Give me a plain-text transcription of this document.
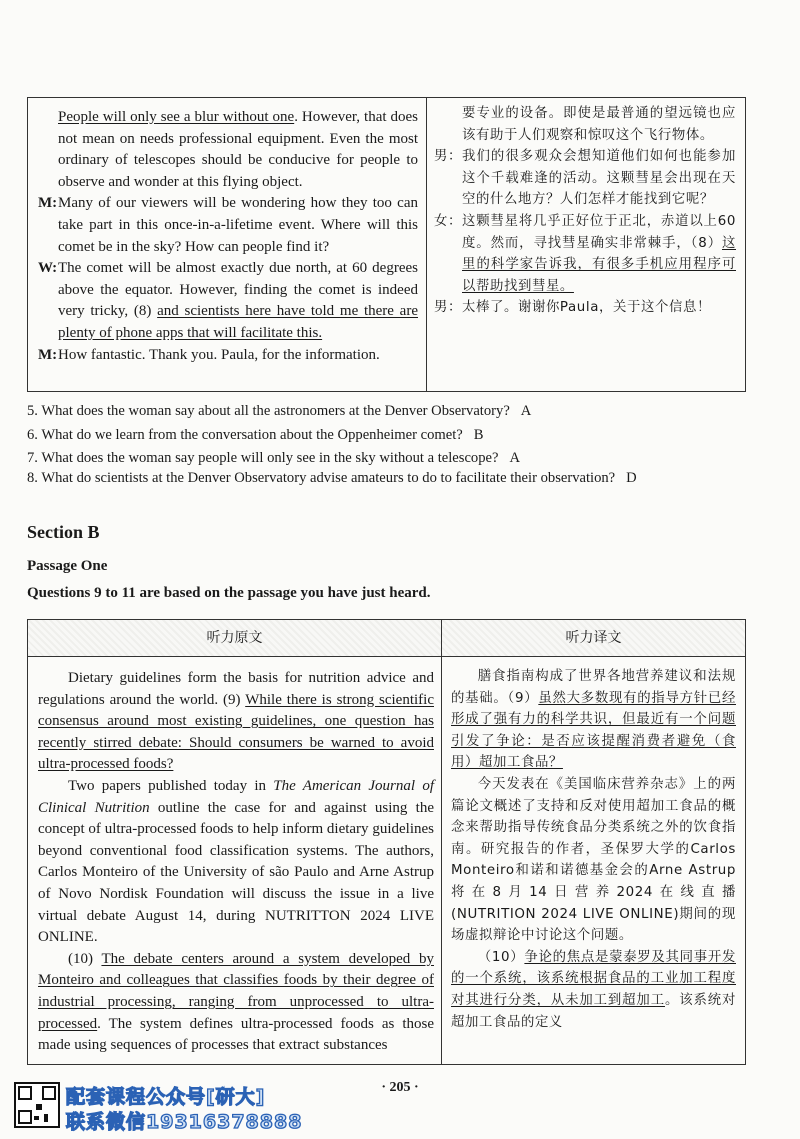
People will only see a blur without one. However, that does not mean on needs professional equipment. Even the most ordinary of telescopes should be conducive for people to observe and wonder at this flying object.
M: Many of our viewers will be wondering how they too can take part in this once-in-a-lifetime event. Where will this comet be in the sky? How can people find it?
W: The comet will be almost exactly due north, at 60 degrees above the equator. However, finding the comet is indeed very tricky, (8) and scientists here have told me there are plenty of phone apps that will facilitate this.
M: How fantastic. Thank you. Paula, for the information.
要专业的设备。即使是最普通的望远镜也应该有助于人们观察和惊叹这个飞行物体。
男： 我们的很多观众会想知道他们如何也能参加这个千载难逢的活动。这颗彗星会出现在天空的什么地方？人们怎样才能找到它呢？
女： 这颗彗星将几乎正好位于正北，赤道以上60度。然而，寻找彗星确实非常棘手，（8）这里的科学家告诉我，有很多手机应用程序可以帮助找到彗星。
男： 太棒了。谢谢你Paula，关于这个信息！
5. What does the woman say about all the astronomers at the Denver Observatory? A
6. What do we learn from the conversation about the Oppenheimer comet? B
7. What does the woman say people will only see in the sky without a telescope? A
8. What do scientists at the Denver Observatory advise amateurs to do to facilitate their observation? D
Section B
Passage One
Questions 9 to 11 are based on the passage you have just heard.
听力原文	听力译文
Dietary guidelines form the basis for nutrition advice and regulations around the world. (9) While there is strong scientific consensus around most existing guidelines, one question has recently stirred debate: Should consumers be warned to avoid ultra-processed foods?
Two papers published today in The American Journal of Clinical Nutrition outline the case for and against using the concept of ultra-processed foods to help inform dietary guidelines beyond conventional food classification systems. The authors, Carlos Monteiro of the University of são Paulo and Arne Astrup of Novo Nordisk Foundation will discuss the issue in a live virtual debate August 14, during NUTRITTON 2024 LIVE ONLINE.
(10) The debate centers around a system developed by Monteiro and colleagues that classifies foods by their degree of industrial processing, ranging from unprocessed to ultra-processed. The system defines ultra-processed foods as those made using sequences of processes that extract substances
膳食指南构成了世界各地营养建议和法规的基础。（9）虽然大多数现有的指导方针已经形成了强有力的科学共识，但最近有一个问题引发了争论：是否应该提醒消费者避免（食用）超加工食品？
今天发表在《美国临床营养杂志》上的两篇论文概述了支持和反对使用超加工食品的概念来帮助指导传统食品分类系统之外的饮食指南。研究报告的作者，圣保罗大学的Carlos Monteiro和诺和诺德基金会的Arne Astrup将在8月14日营养2024在线直播(NUTRITION 2024 LIVE ONLINE)期间的现场虚拟辩论中讨论这个问题。
（10）争论的焦点是蒙泰罗及其同事开发的一个系统，该系统根据食品的工业加工程度对其进行分类，从未加工到超加工。该系统对超加工食品的定义
· 205 ·
配套课程公众号[研大]
联系微信19316378888
